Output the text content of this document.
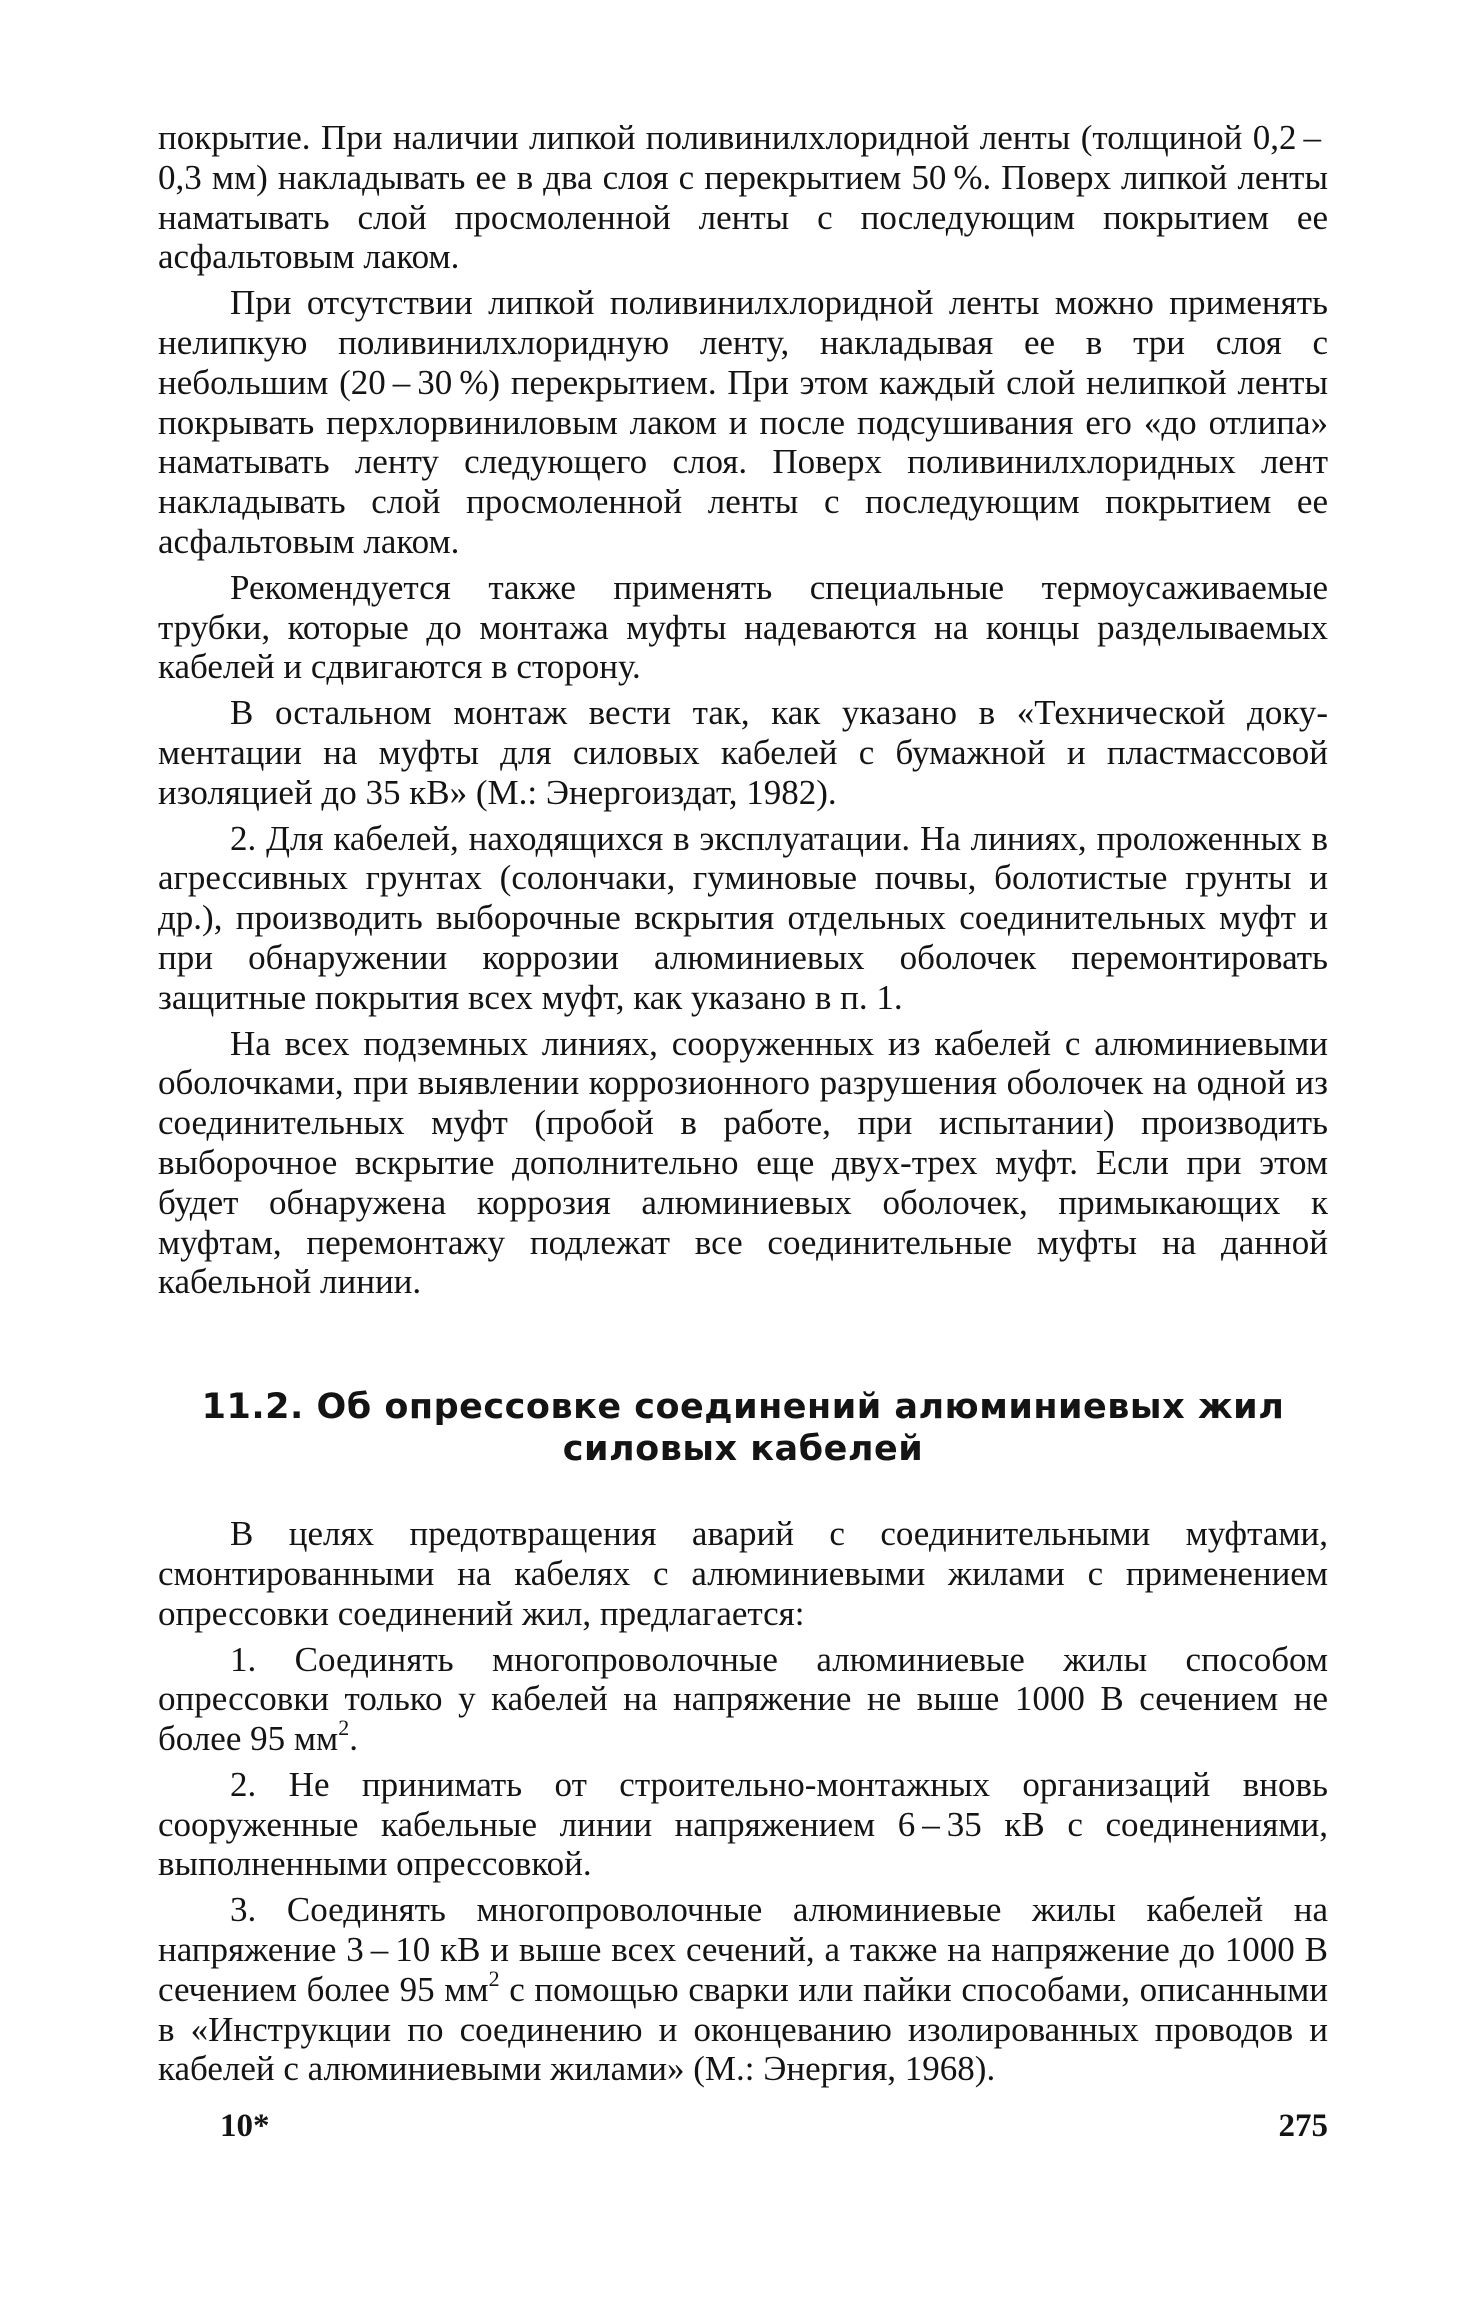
покрытие. При наличии липкой поливинилхлоридной ленты (толщиной 0,2 – 0,3 мм) накладывать ее в два слоя с перекрытием 50 %. Поверх липкой ленты наматывать слой просмоленной ленты с последующим покрытием ее асфальтовым лаком.

При отсутствии липкой поливинилхлоридной ленты можно применять нелипкую поливинилхлоридную ленту, накладывая ее в три слоя с небольшим (20 – 30 %) перекрытием. При этом каждый слой нелипкой ленты покрывать перхлорвиниловым лаком и после подсушивания его «до отлипа» наматывать ленту следующего слоя. Поверх поливинилхлоридных лент накладывать слой просмоленной ленты с последующим покрытием ее асфальтовым лаком.

Рекомендуется также применять специальные термоусаживаемые трубки, которые до монтажа муфты надеваются на концы разделываемых кабелей и сдвигаются в сторону.

В остальном монтаж вести так, как указано в «Технической документации на муфты для силовых кабелей с бумажной и пластмассовой изоляцией до 35 кВ» (М.: Энергоиздат, 1982).

2. Для кабелей, находящихся в эксплуатации. На линиях, проложенных в агрессивных грунтах (солончаки, гуминовые почвы, болотистые грунты и др.), производить выборочные вскрытия отдельных соединительных муфт и при обнаружении коррозии алюминиевых оболочек перемонтировать защитные покрытия всех муфт, как указано в п. 1.

На всех подземных линиях, сооруженных из кабелей с алюминиевыми оболочками, при выявлении коррозионного разрушения оболочек на одной из соединительных муфт (пробой в работе, при испытании) производить выборочное вскрытие дополнительно еще двух-трех муфт. Если при этом будет обнаружена коррозия алюминиевых оболочек, примыкающих к муфтам, перемонтажу подлежат все соединительные муфты на данной кабельной линии.

11.2. Об опрессовке соединений алюминиевых жил
силовых кабелей

В целях предотвращения аварий с соединительными муфтами, смонтированными на кабелях с алюминиевыми жилами с применением опрессовки соединений жил, предлагается:

1. Соединять многопроволочные алюминиевые жилы способом опрессовки только у кабелей на напряжение не выше 1000 В сечением не более 95 $мм^2$.

2. Не принимать от строительно-монтажных организаций вновь сооруженные кабельные линии напряжением 6 – 35 кВ с соединениями, выполненными опрессовкой.

3. Соединять многопроволочные алюминиевые жилы кабелей на напряжение 3 – 10 кВ и выше всех сечений, а также на напряжение до 1000 В сечением более 95 $мм^2$ с помощью сварки или пайки способами, описанными в «Инструкции по соединению и оконцеванию изолированных проводов и кабелей с алюминиевыми жилами» (М.: Энергия, 1968).

10*	275
